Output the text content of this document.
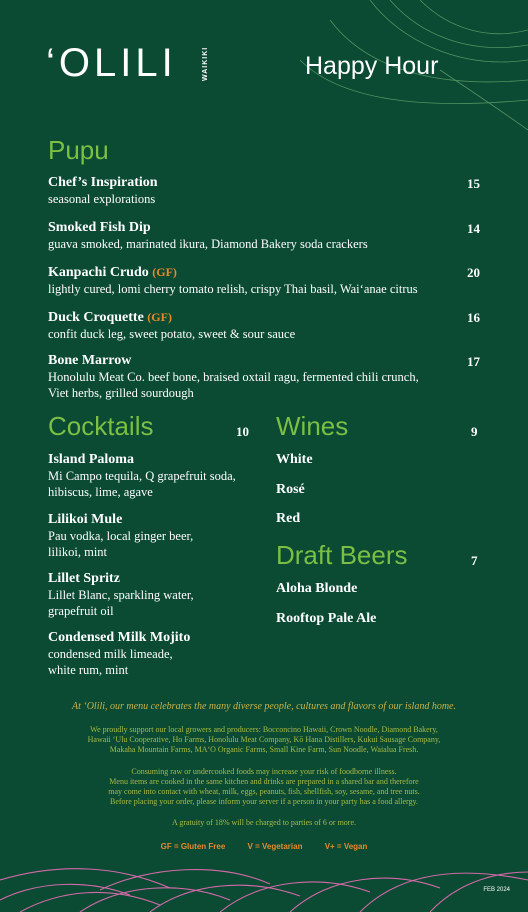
‘OLILI	WAIKIKI	Happy Hour
Pupu
Chef’s Inspiration
seasonal explorations
15
Smoked Fish Dip
guava smoked, marinated ikura, Diamond Bakery soda crackers
14
Kanpachi Crudo (GF)
lightly cured, lomi cherry tomato relish, crispy Thai basil, Wai‘anae citrus
20
Duck Croquette (GF)
confit duck leg, sweet potato, sweet & sour sauce
16
Bone Marrow
Honolulu Meat Co. beef bone, braised oxtail ragu, fermented chili crunch,
Viet herbs, grilled sourdough
17
Cocktails	10
Island Paloma
Mi Campo tequila, Q grapefruit soda,
hibiscus, lime, agave
Lilikoi Mule
Pau vodka, local ginger beer,
lilikoi, mint
Lillet Spritz
Lillet Blanc, sparkling water,
grapefruit oil
Condensed Milk Mojito
condensed milk limeade,
white rum, mint
Wines	9
White
Rosé
Red
Draft Beers	7
Aloha Blonde
Rooftop Pale Ale
At ‘Olili, our menu celebrates the many diverse people, cultures and flavors of our island home.
We proudly support our local growers and producers: Bocconcino Hawaii, Crown Noodle, Diamond Bakery,
Hawaii ‘Ulu Cooperative, Ho Farms, Honolulu Meat Company, Kō Hana Distillers, Kukui Sausage Company,
Makaha Mountain Farms, MA‘O Organic Farms, Small Kine Farm, Sun Noodle, Waialua Fresh.
Consuming raw or undercooked foods may increase your risk of foodborne illness.
Menu items are cooked in the same kitchen and drinks are prepared in a shared bar and therefore
may come into contact with wheat, milk, eggs, peanuts, fish, shellfish, soy, sesame, and tree nuts.
Before placing your order, please inform your server if a person in your party has a food allergy.
A gratuity of 18% will be charged to parties of 6 or more.
GF = Gluten Free	V = Vegetarian	V+ = Vegan
FEB 2024
